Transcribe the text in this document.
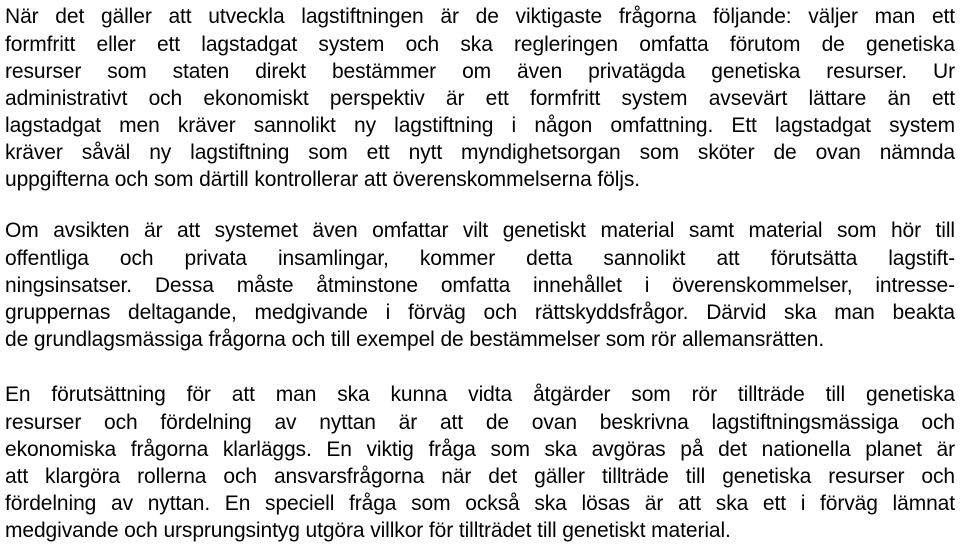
När det gäller att utveckla lagstiftningen är de viktigaste frågorna följande: väljer man ett

formfritt eller ett lagstadgat system och ska regleringen omfatta förutom de genetiska

resurser som staten direkt bestämmer om även privatägda genetiska resurser. Ur

administrativt och ekonomiskt perspektiv är ett formfritt system avsevärt lättare än ett

lagstadgat men kräver sannolikt ny lagstiftning i någon omfattning. Ett lagstadgat system

kräver såväl ny lagstiftning som ett nytt myndighetsorgan som sköter de ovan nämnda

uppgifterna och som därtill kontrollerar att överenskommelserna följs.

Om avsikten är att systemet även omfattar vilt genetiskt material samt material som hör till

offentliga och privata insamlingar, kommer detta sannolikt att förutsätta lagstift-

ningsinsatser. Dessa måste åtminstone omfatta innehållet i överenskommelser, intresse-

gruppernas deltagande, medgivande i förväg och rättskyddsfrågor. Därvid ska man beakta

de grundlagsmässiga frågorna och till exempel de bestämmelser som rör allemansrätten.

En förutsättning för att man ska kunna vidta åtgärder som rör tillträde till genetiska

resurser och fördelning av nyttan är att de ovan beskrivna lagstiftningsmässiga och

ekonomiska frågorna klarläggs. En viktig fråga som ska avgöras på det nationella planet är

att klargöra rollerna och ansvarsfrågorna när det gäller tillträde till genetiska resurser och

fördelning av nyttan. En speciell fråga som också ska lösas är att ska ett i förväg lämnat

medgivande och ursprungsintyg utgöra villkor för tillträdet till genetiskt material.
